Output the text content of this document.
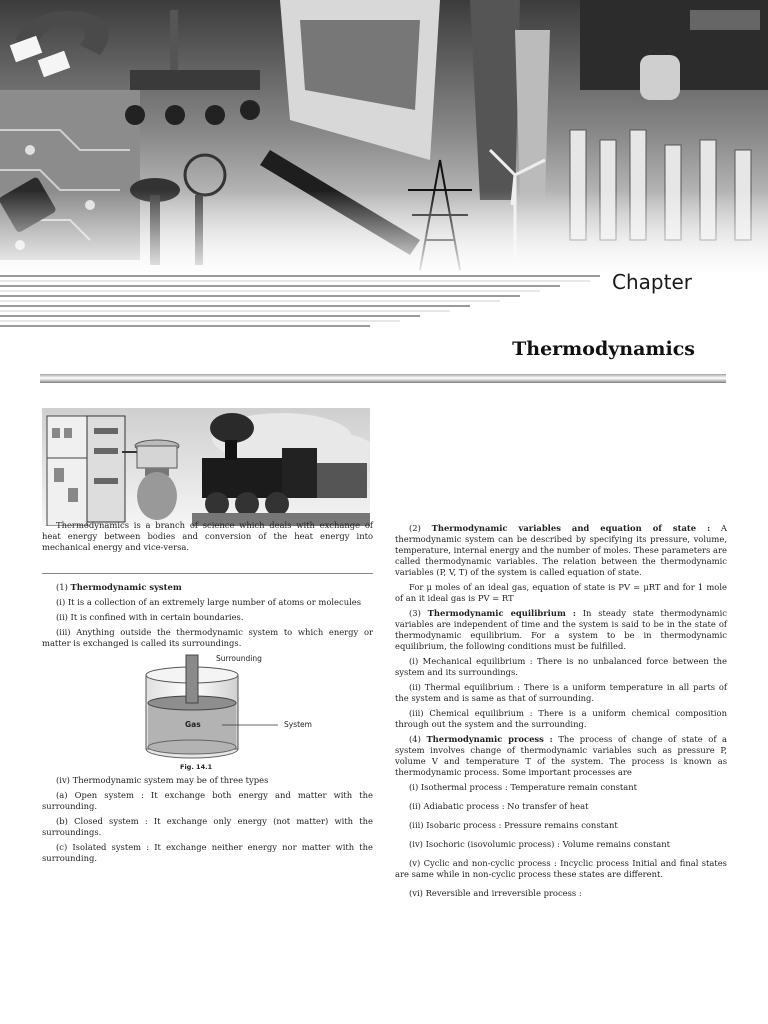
Chapter
Thermodynamics

Thermodynamics is a branch of science which deals with exchange of heat energy between bodies and conversion of the heat energy into mechanical energy and vice-versa.

(1) Thermodynamic system

(i) It is a collection of an extremely large number of atoms or molecules

(ii) It is confined with in certain boundaries.

(iii) Anything outside the thermodynamic system to which energy or matter is exchanged is called its surroundings.

Surrounding
Gas	System
Fig. 14.1

(iv) Thermodynamic system may be of three types

(a) Open system : It exchange both energy and matter with the surrounding.

(b) Closed system : It exchange only energy (not matter) with the surroundings.

(c) Isolated system : It exchange neither energy nor matter with the surrounding.

(2) Thermodynamic variables and equation of state : A thermodynamic system can be described by specifying its pressure, volume, temperature, internal energy and the number of moles. These parameters are called thermodynamic variables. The relation between the thermodynamic variables (P, V, T) of the system is called equation of state.

For μ moles of an ideal gas, equation of state is PV = μRT and for 1 mole of an it ideal gas is PV = RT

(3) Thermodynamic equilibrium : In steady state thermodynamic variables are independent of time and the system is said to be in the state of thermodynamic equilibrium. For a system to be in thermodynamic equilibrium, the following conditions must be fulfilled.

(i) Mechanical equilibrium : There is no unbalanced force between the system and its surroundings.

(ii) Thermal equilibrium : There is a uniform temperature in all parts of the system and is same as that of surrounding.

(iii) Chemical equilibrium : There is a uniform chemical composition through out the system and the surrounding.

(4) Thermodynamic process : The process of change of state of a system involves change of thermodynamic variables such as pressure P, volume V and temperature T of the system. The process is known as thermodynamic process. Some important processes are

(i) Isothermal process : Temperature remain constant

(ii) Adiabatic process : No transfer of heat

(iii) Isobaric process : Pressure remains constant

(iv) Isochoric (isovolumic process) : Volume remains constant

(v) Cyclic and non-cyclic process : Incyclic process Initial and final states are same while in non-cyclic process these states are different.

(vi) Reversible and irreversible process :
